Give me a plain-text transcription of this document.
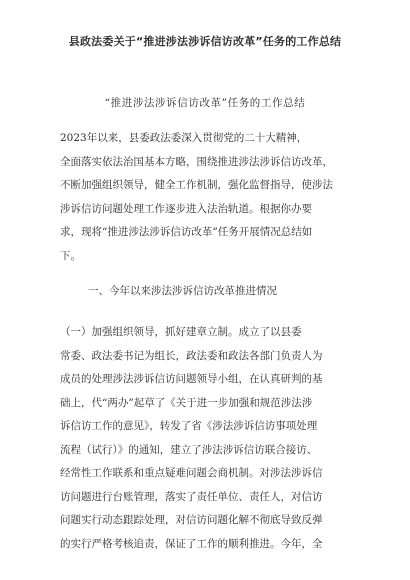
县政法委关于“推进涉法涉诉信访改革”任务的工作总结
“推进涉法涉诉信访改革”任务的工作总结
2023年以来，县委政法委深入贯彻党的二十大精神，
全面落实依法治国基本方略，围绕推进涉法涉诉信访改革，
不断加强组织领导，健全工作机制，强化监督指导，使涉法
涉诉信访问题处理工作逐步进入法治轨道。根据你办要
求，现将“推进涉法涉诉信访改革”任务开展情况总结如
下。
一、今年以来涉法涉诉信访改革推进情况
（一）加强组织领导，抓好建章立制。成立了以县委
常委、政法委书记为组长，政法委和政法各部门负责人为
成员的处理涉法涉诉信访问题领导小组，在认真研判的基
础上，代“两办”起草了《关于进一步加强和规范涉法涉
诉信访工作的意见》，转发了省《涉法涉诉信访事项处理
流程（试行）》的通知，建立了涉法涉诉信访联合接访、
经常性工作联系和重点疑难问题会商机制。对涉法涉诉信
访问题进行台账管理，落实了责任单位、责任人，对信访
问题实行动态跟踪处理，对信访问题化解不彻底导致反弹
的实行严格考核追责，保证了工作的顺利推进。今年，全
